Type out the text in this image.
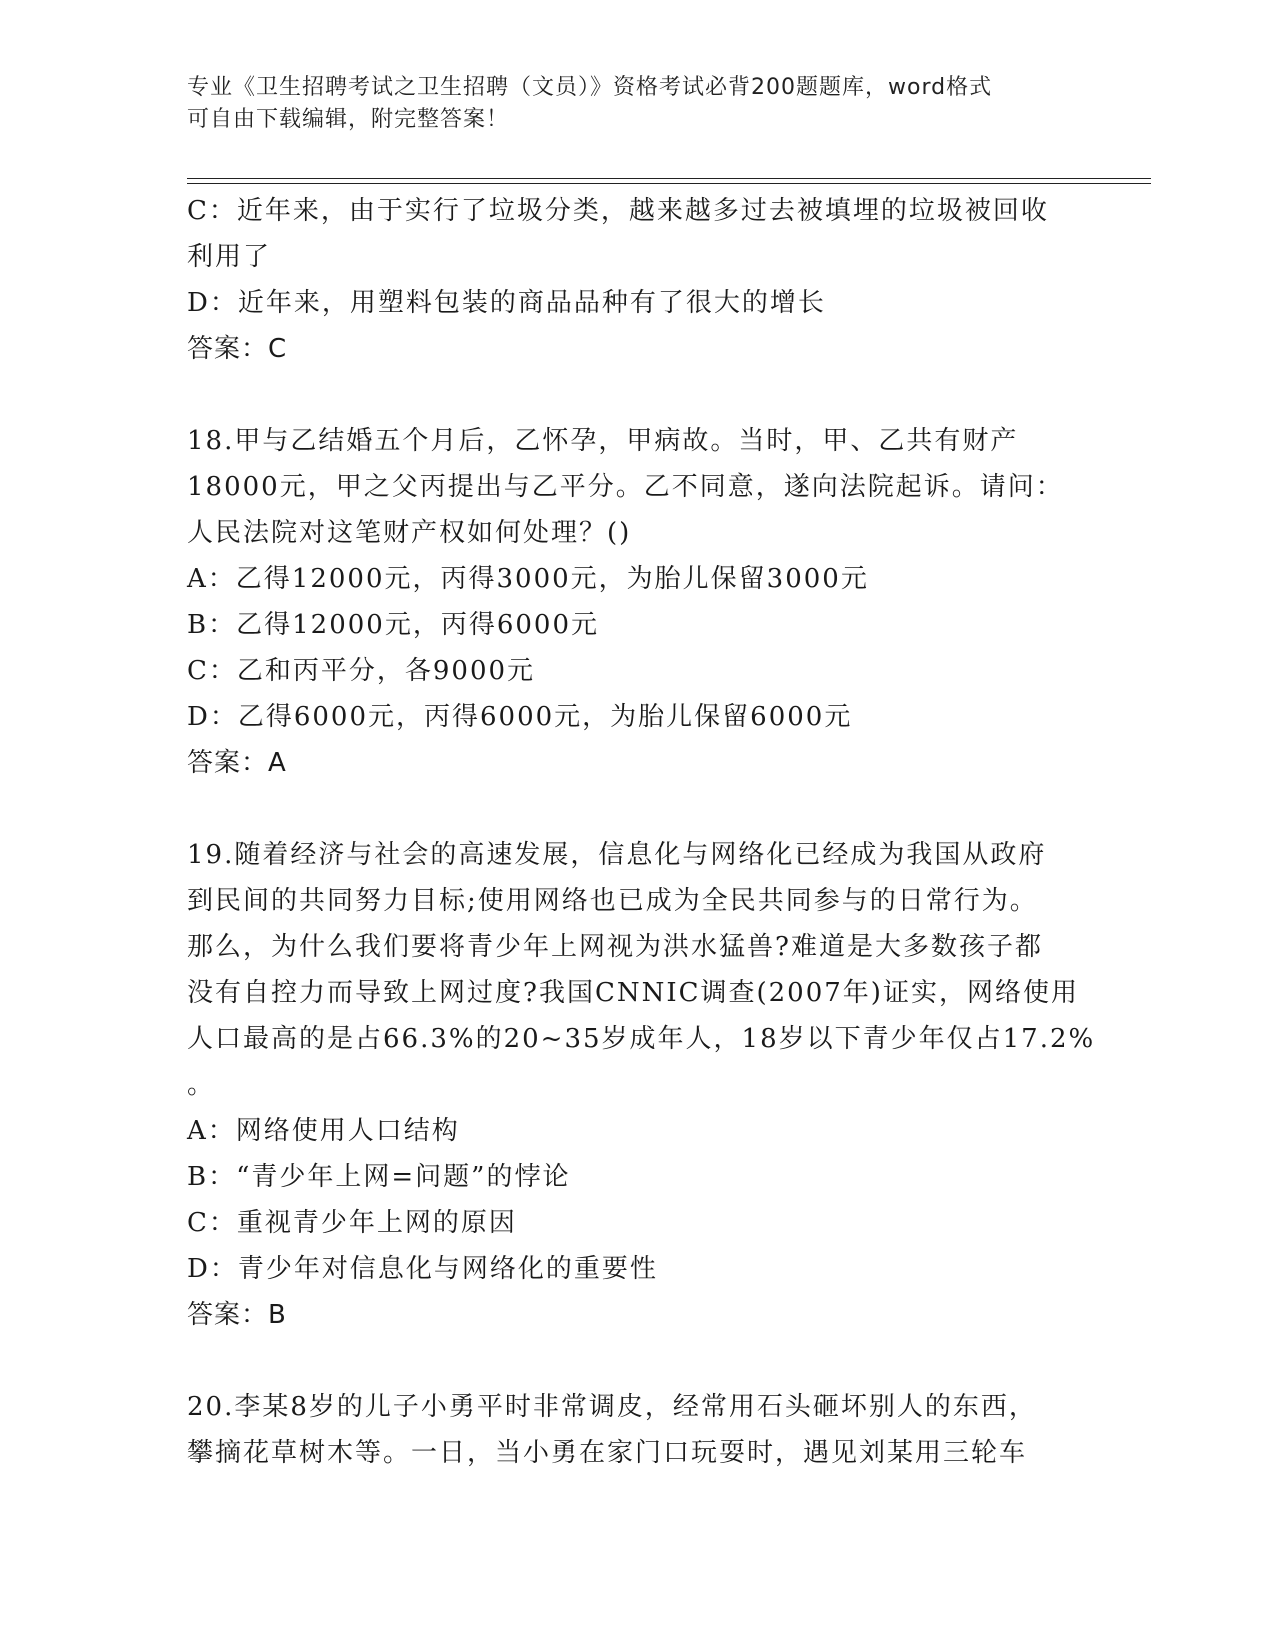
专业《卫生招聘考试之卫生招聘（文员）》资格考试必背200题题库，word格式
可自由下载编辑，附完整答案！
C：近年来，由于实行了垃圾分类，越来越多过去被填埋的垃圾被回收
利用了
D：近年来，用塑料包装的商品品种有了很大的增长
答案：C
18.甲与乙结婚五个月后，乙怀孕，甲病故。当时，甲、乙共有财产
18000元，甲之父丙提出与乙平分。乙不同意，遂向法院起诉。请问：
人民法院对这笔财产权如何处理？()
A：乙得12000元，丙得3000元，为胎儿保留3000元
B：乙得12000元，丙得6000元
C：乙和丙平分，各9000元
D：乙得6000元，丙得6000元，为胎儿保留6000元
答案：A
19.随着经济与社会的高速发展，信息化与网络化已经成为我国从政府
到民间的共同努力目标;使用网络也已成为全民共同参与的日常行为。
那么，为什么我们要将青少年上网视为洪水猛兽?难道是大多数孩子都
没有自控力而导致上网过度?我国CNNIC调查(2007年)证实，网络使用
人口最高的是占66.3%的20~35岁成年人，18岁以下青少年仅占17.2%
。
A：网络使用人口结构
B：“青少年上网=问题”的悖论
C：重视青少年上网的原因
D：青少年对信息化与网络化的重要性
答案：B
20.李某8岁的儿子小勇平时非常调皮，经常用石头砸坏别人的东西，
攀摘花草树木等。一日，当小勇在家门口玩耍时，遇见刘某用三轮车
